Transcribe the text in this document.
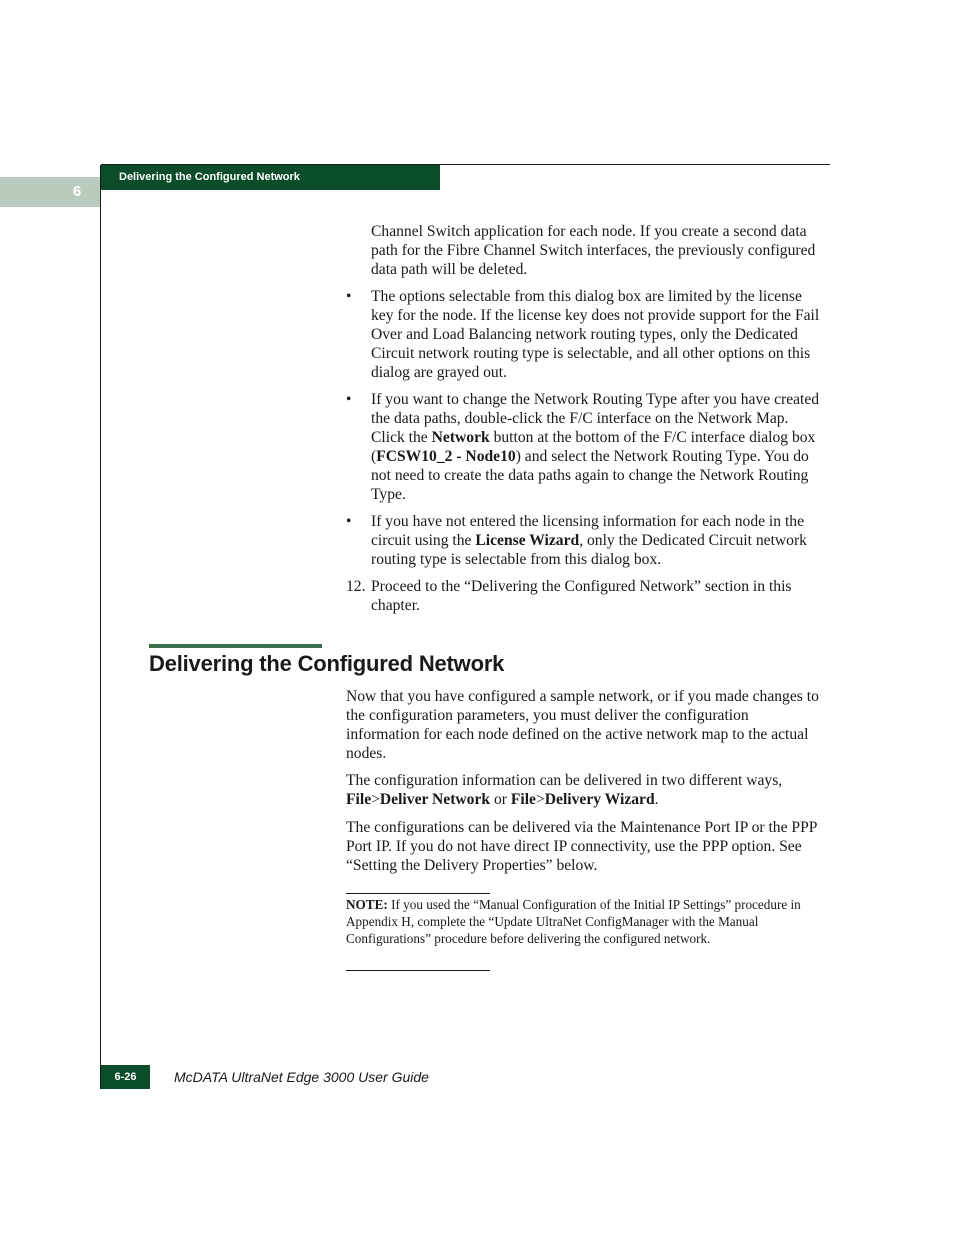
6
Delivering the Configured Network

Channel Switch application for each node. If you create a second data path for the Fibre Channel Switch interfaces, the previously configured data path will be deleted.

• The options selectable from this dialog box are limited by the license key for the node. If the license key does not provide support for the Fail Over and Load Balancing network routing types, only the Dedicated Circuit network routing type is selectable, and all other options on this dialog are grayed out.

• If you want to change the Network Routing Type after you have created the data paths, double-click the F/C interface on the Network Map. Click the Network button at the bottom of the F/C interface dialog box (FCSW10_2 - Node10) and select the Network Routing Type. You do not need to create the data paths again to change the Network Routing Type.

• If you have not entered the licensing information for each node in the circuit using the License Wizard, only the Dedicated Circuit network routing type is selectable from this dialog box.

12. Proceed to the “Delivering the Configured Network” section in this chapter.

Delivering the Configured Network

Now that you have configured a sample network, or if you made changes to the configuration parameters, you must deliver the configuration information for each node defined on the active network map to the actual nodes.

The configuration information can be delivered in two different ways, File>Deliver Network or File>Delivery Wizard.

The configurations can be delivered via the Maintenance Port IP or the PPP Port IP. If you do not have direct IP connectivity, use the PPP option. See “Setting the Delivery Properties” below.

NOTE: If you used the “Manual Configuration of the Initial IP Settings” procedure in Appendix H, complete the “Update UltraNet ConfigManager with the Manual Configurations” procedure before delivering the configured network.

6-26	McDATA UltraNet Edge 3000 User Guide
